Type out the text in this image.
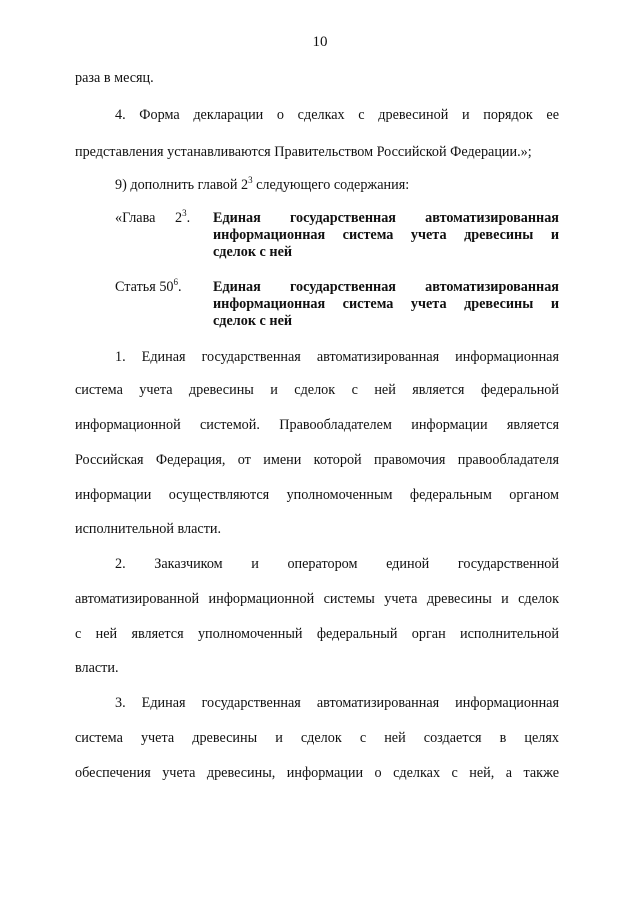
10
раза в месяц.
4. Форма декларации о сделках с древесиной и порядок ее
представления устанавливаются Правительством Российской Федерации.»;
9) дополнить главой $2^3$ следующего содержания:
«Глава $2^3$. Единая государственная автоматизированная
информационная система учета древесины и
сделок с ней
Статья $50^6$. Единая государственная автоматизированная
информационная система учета древесины и
сделок с ней
1. Единая государственная автоматизированная информационная
система учета древесины и сделок с ней является федеральной
информационной системой. Правообладателем информации является
Российская Федерация, от имени которой правомочия правообладателя
информации осуществляются уполномоченным федеральным органом
исполнительной власти.
2. Заказчиком и оператором единой государственной
автоматизированной информационной системы учета древесины и сделок
с ней является уполномоченный федеральный орган исполнительной
власти.
3. Единая государственная автоматизированная информационная
система учета древесины и сделок с ней создается в целях
обеспечения учета древесины, информации о сделках с ней, а также
